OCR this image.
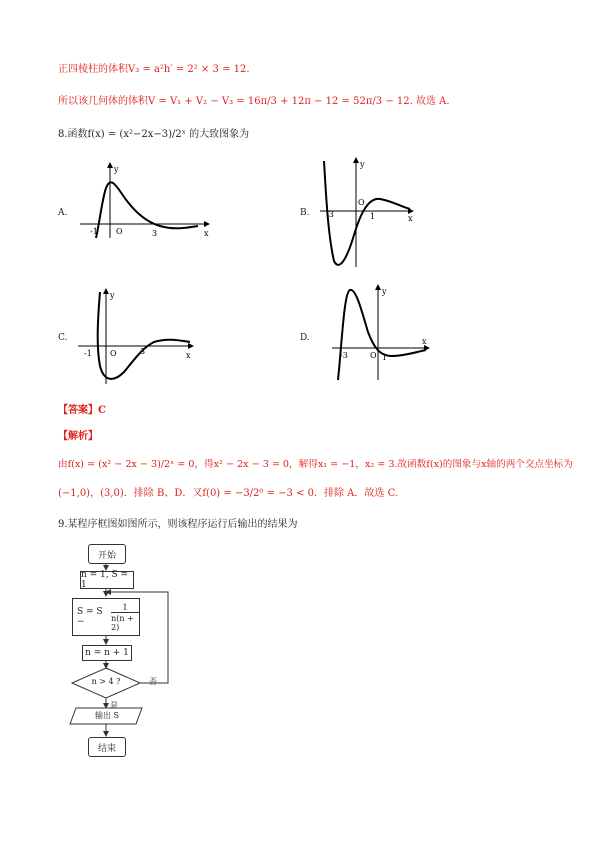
正四棱柱的体积V₃ = a²h′ = 2² × 3 = 12.
所以该几何体的体积V = V₁ + V₂ − V₃ = 16π/3 + 12π − 12 = 52π/3 − 12. 故选 A.
8.函数f(x) = (x²−2x−3)/2ˣ 的大致图象为
A.
y
x
-1 O	3
B.
y
x
-3
O
1
C.
y
x
-1 O	3
D.
y
x
-3	O 1
【答案】C
【解析】
由f(x) = (x² − 2x − 3)/2ˣ = 0，得x² − 2x − 3 = 0，解得x₁ = −1，x₂ = 3.故函数f(x)的图象与x轴的两个交点坐标为
(−1,0)，(3,0)．排除 B、D．又f(0) = −3/2⁰ = −3 < 0．排除 A．故选 C.
9.某程序框图如图所示，则该程序运行后输出的结果为
开始
n = 1, S = 1
S = S −	$\frac{1}{n(n + 2)}$
n = n + 1
n > 4 ?	否
是
输出 S
结束
